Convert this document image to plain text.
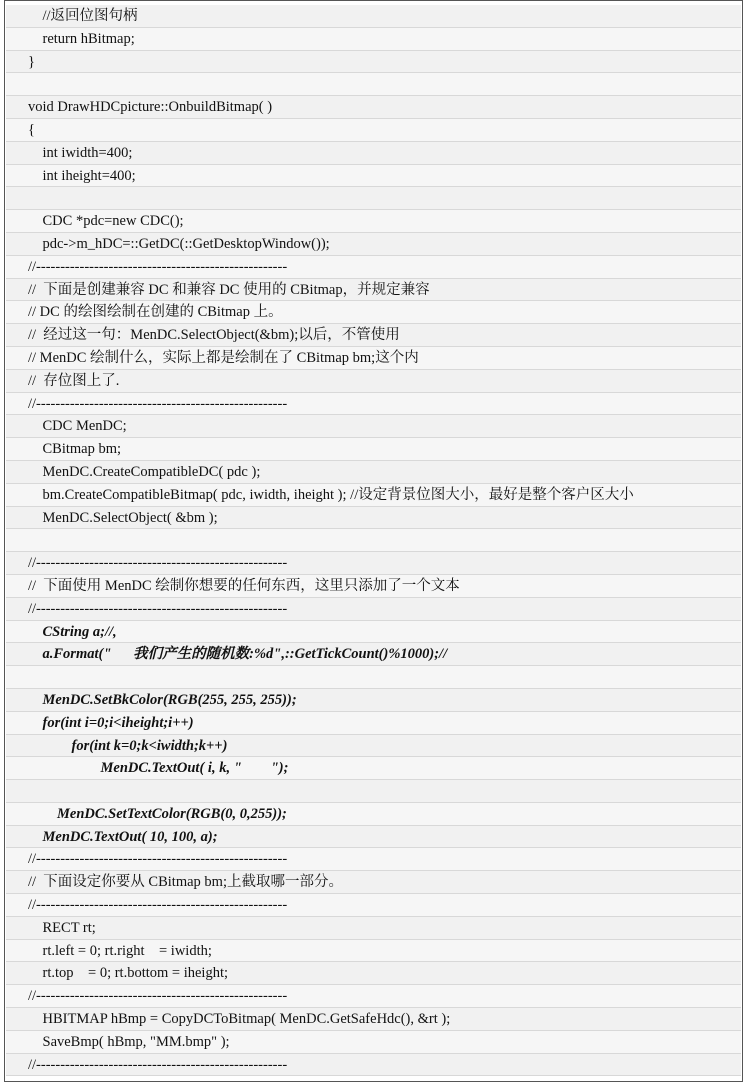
//返回位图句柄
return hBitmap;
}
void DrawHDCpicture::OnbuildBitmap( )
{
int iwidth=400;
int iheight=400;
CDC *pdc=new CDC();
pdc->m_hDC=::GetDC(::GetDesktopWindow());
//----------------------------------------------------
//  下面是创建兼容 DC 和兼容 DC 使用的 CBitmap，并规定兼容
// DC 的绘图绘制在创建的 CBitmap 上。
//  经过这一句：MenDC.SelectObject(&bm);以后，不管使用
// MenDC 绘制什么，实际上都是绘制在了 CBitmap bm;这个内
//  存位图上了.
//----------------------------------------------------
CDC MenDC;
CBitmap bm;
MenDC.CreateCompatibleDC( pdc );
bm.CreateCompatibleBitmap( pdc, iwidth, iheight ); //设定背景位图大小，最好是整个客户区大小
MenDC.SelectObject( &bm );
//----------------------------------------------------
//  下面使用 MenDC 绘制你想要的任何东西，这里只添加了一个文本
//----------------------------------------------------
CString a;//,
a.Format("      我们产生的随机数:%d",::GetTickCount()%1000);//
MenDC.SetBkColor(RGB(255, 255, 255));
for(int i=0;i<iheight;i++)
for(int k=0;k<iwidth;k++)
MenDC.TextOut( i, k, "        ");
MenDC.SetTextColor(RGB(0, 0,255));
MenDC.TextOut( 10, 100, a);
//----------------------------------------------------
//  下面设定你要从 CBitmap bm;上截取哪一部分。
//----------------------------------------------------
RECT rt;
rt.left = 0; rt.right    = iwidth;
rt.top    = 0; rt.bottom = iheight;
//----------------------------------------------------
HBITMAP hBmp = CopyDCToBitmap( MenDC.GetSafeHdc(), &rt );
SaveBmp( hBmp, "MM.bmp" );
//----------------------------------------------------
